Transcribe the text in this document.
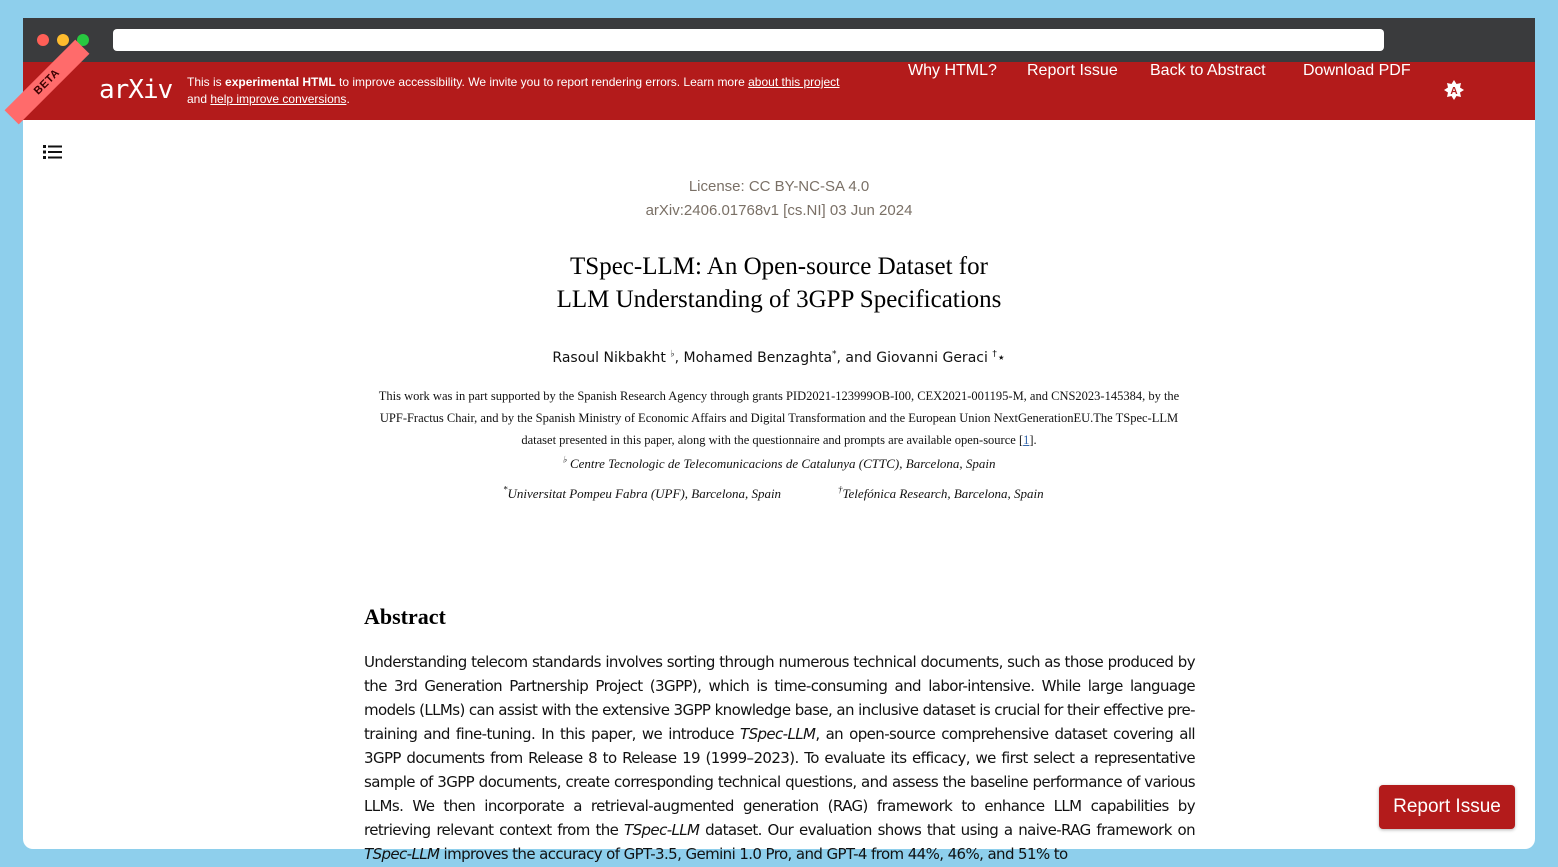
BETA	arXiv This is experimental HTML to improve accessibility. We invite you to report rendering errors. Learn more about this project
and help improve conversions.
Why HTML? Report Issue Back to Abstract Download PDF
A
License: CC BY-NC-SA 4.0
arXiv:2406.01768v1 [cs.NI] 03 Jun 2024
TSpec-LLM: An Open-source Dataset for
LLM Understanding of 3GPP Specifications
Rasoul Nikbakht ♭, Mohamed Benzaghta*, and Giovanni Geraci †⋆
This work was in part supported by the Spanish Research Agency through grants PID2021-123999OB-I00, CEX2021-001195-M, and CNS2023-145384, by the UPF-Fractus Chair, and by the Spanish Ministry of Economic Affairs and Digital Transformation and the European Union NextGenerationEU.The TSpec-LLM dataset presented in this paper, along with the questionnaire and prompts are available open-source [1].
♭ Centre Tecnologic de Telecomunicacions de Catalunya (CTTC), Barcelona, Spain
*Universitat Pompeu Fabra (UPF), Barcelona, Spain	†Telefónica Research, Barcelona, Spain
Abstract
Understanding telecom standards involves sorting through numerous technical documents, such as those produced by the 3rd Generation Partnership Project (3GPP), which is time-consuming and labor-intensive. While large language models (LLMs) can assist with the extensive 3GPP knowledge base, an inclusive dataset is crucial for their effective pre-training and fine-tuning. In this paper, we introduce TSpec-LLM, an open-source comprehensive dataset covering all 3GPP documents from Release 8 to Release 19 (1999–2023). To evaluate its efficacy, we first select a representative sample of 3GPP documents, create corresponding technical questions, and assess the baseline performance of various LLMs. We then incorporate a retrieval-augmented generation (RAG) framework to enhance LLM capabilities by retrieving relevant context from the TSpec-LLM dataset. Our evaluation shows that using a naive-RAG framework on TSpec-LLM improves the accuracy of GPT-3.5, Gemini 1.0 Pro, and GPT-4 from 44%, 46%, and 51% to
Report Issue
